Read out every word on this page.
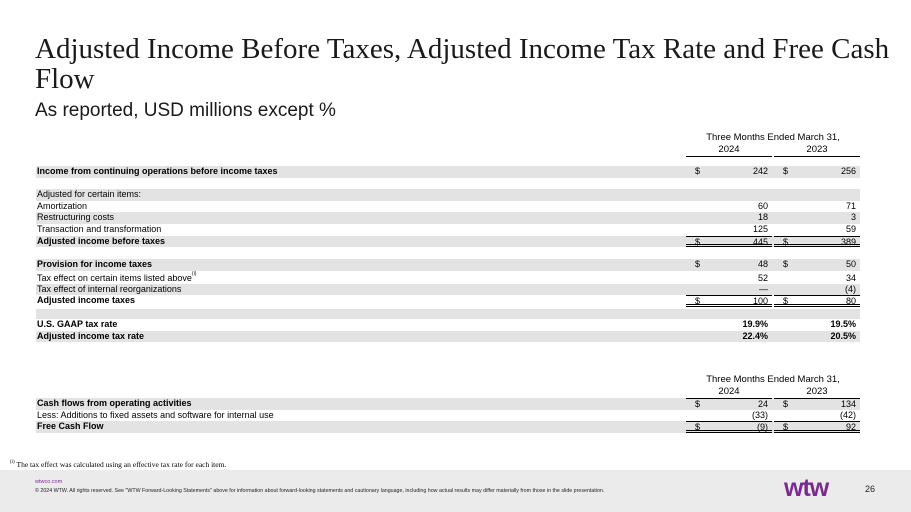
Adjusted Income Before Taxes, Adjusted Income Tax Rate and Free Cash Flow
As reported, USD millions except %
Three Months Ended March 31,
2024	2023
Income from continuing operations before income taxes	$	242 $	256
Adjusted for certain items:
Amortization	60	71
Restructuring costs	18	3
Transaction and transformation	125	59
Adjusted income before taxes	$	445 $	389
Provision for income taxes	$	48 $	50
Tax effect on certain items listed above$^{(i)}$	52	34
Tax effect of internal reorganizations	—	(4)
Adjusted income taxes	$	100 $	80
U.S. GAAP tax rate	19.9%	19.5%
Adjusted income tax rate	22.4%	20.5%
Three Months Ended March 31,
2024	2023
Cash flows from operating activities	$	24 $	134
Less: Additions to fixed assets and software for internal use	(33)	(42)
Free Cash Flow	$	(9) $	92
$^{(i)}$ The tax effect was calculated using an effective tax rate for each item.
wtwco.com
© 2024 WTW. All rights reserved. See "WTW Forward-Looking Statements" above for information about forward-looking statements and cautionary language, including how actual results may differ materially from those in the slide presentation.	wtw	26
